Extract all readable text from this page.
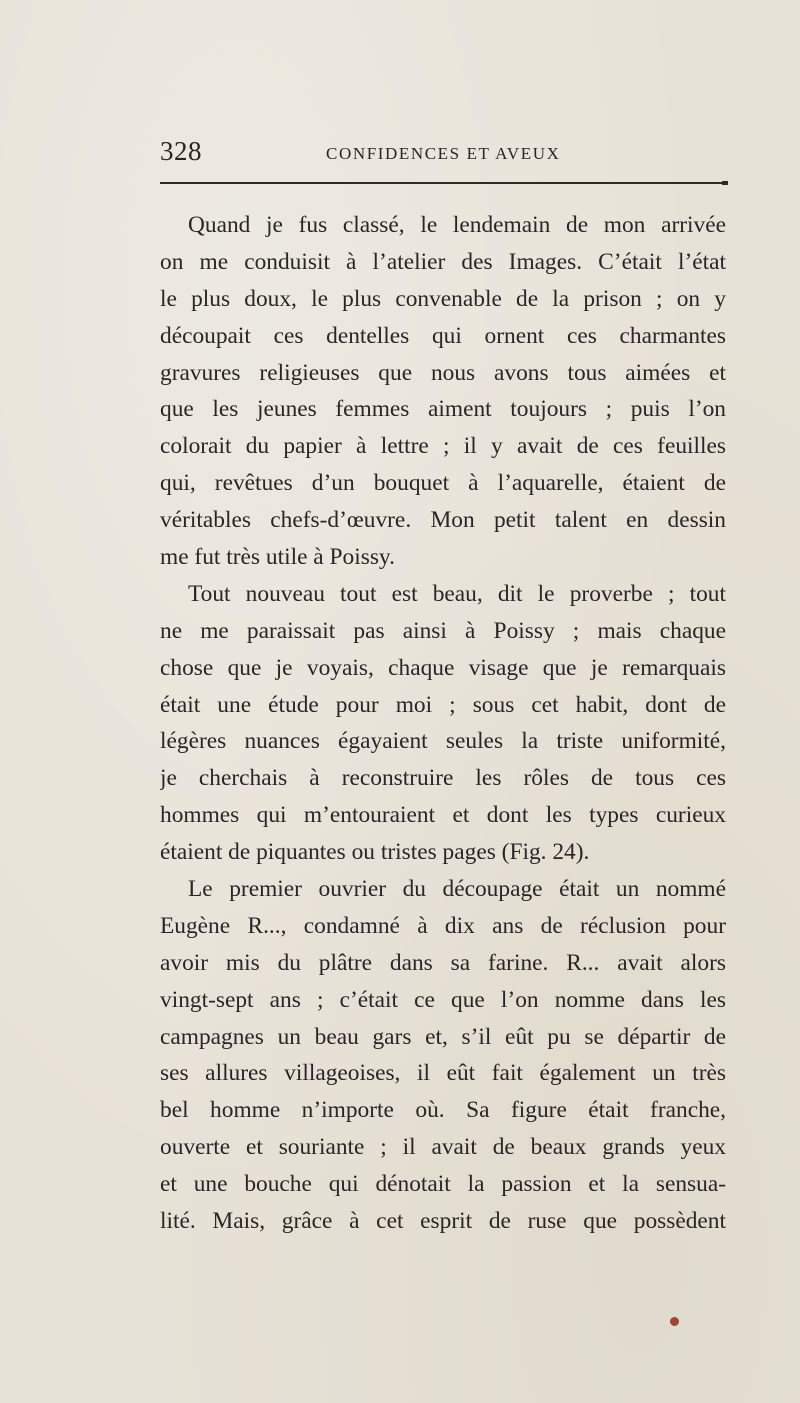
328	CONFIDENCES ET AVEUX
Quand je fus classé, le lendemain de mon arrivée
on me conduisit à l’atelier des Images. C’était l’état
le plus doux, le plus convenable de la prison ; on y
découpait ces dentelles qui ornent ces charmantes
gravures religieuses que nous avons tous aimées et
que les jeunes femmes aiment toujours ; puis l’on
colorait du papier à lettre ; il y avait de ces feuilles
qui, revêtues d’un bouquet à l’aquarelle, étaient de
véritables chefs-d’œuvre. Mon petit talent en dessin
me fut très utile à Poissy.
Tout nouveau tout est beau, dit le proverbe ; tout
ne me paraissait pas ainsi à Poissy ; mais chaque
chose que je voyais, chaque visage que je remarquais
était une étude pour moi ; sous cet habit, dont de
légères nuances égayaient seules la triste uniformité,
je cherchais à reconstruire les rôles de tous ces
hommes qui m’entouraient et dont les types curieux
étaient de piquantes ou tristes pages (Fig. 24).
Le premier ouvrier du découpage était un nommé
Eugène R..., condamné à dix ans de réclusion pour
avoir mis du plâtre dans sa farine. R... avait alors
vingt-sept ans ; c’était ce que l’on nomme dans les
campagnes un beau gars et, s’il eût pu se départir de
ses allures villageoises, il eût fait également un très
bel homme n’importe où. Sa figure était franche,
ouverte et souriante ; il avait de beaux grands yeux
et une bouche qui dénotait la passion et la sensua-
lité. Mais, grâce à cet esprit de ruse que possèdent
